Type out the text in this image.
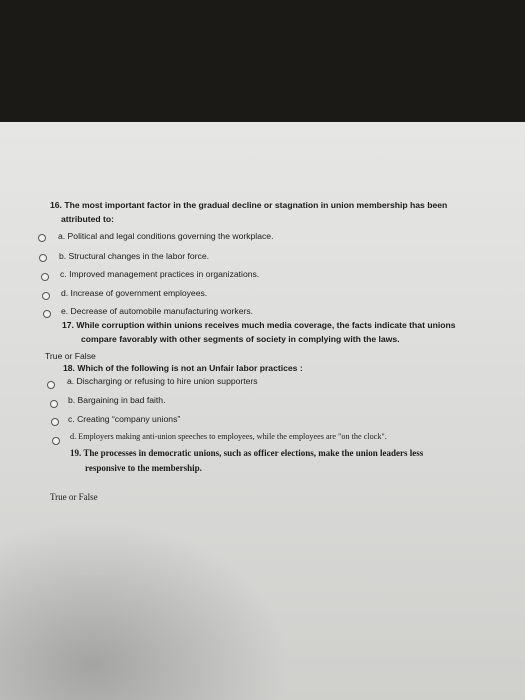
16. The most important factor in the gradual decline or stagnation in union membership has been
attributed to:
a. Political and legal conditions governing the workplace.
b. Structural changes in the labor force.
c. Improved management practices in organizations.
d. Increase of government employees.
e. Decrease of automobile manufacturing workers.
17. While corruption within unions receives much media coverage, the facts indicate that unions
compare favorably with other segments of society in complying with the laws.
True or False
18. Which of the following is not an Unfair labor practices :
a. Discharging or refusing to hire union supporters
b. Bargaining in bad faith.
c. Creating “company unions”
d. Employers making anti-union speeches to employees, while the employees are "on the clock".
19. The processes in democratic unions, such as officer elections, make the union leaders less
responsive to the membership.
True or False
